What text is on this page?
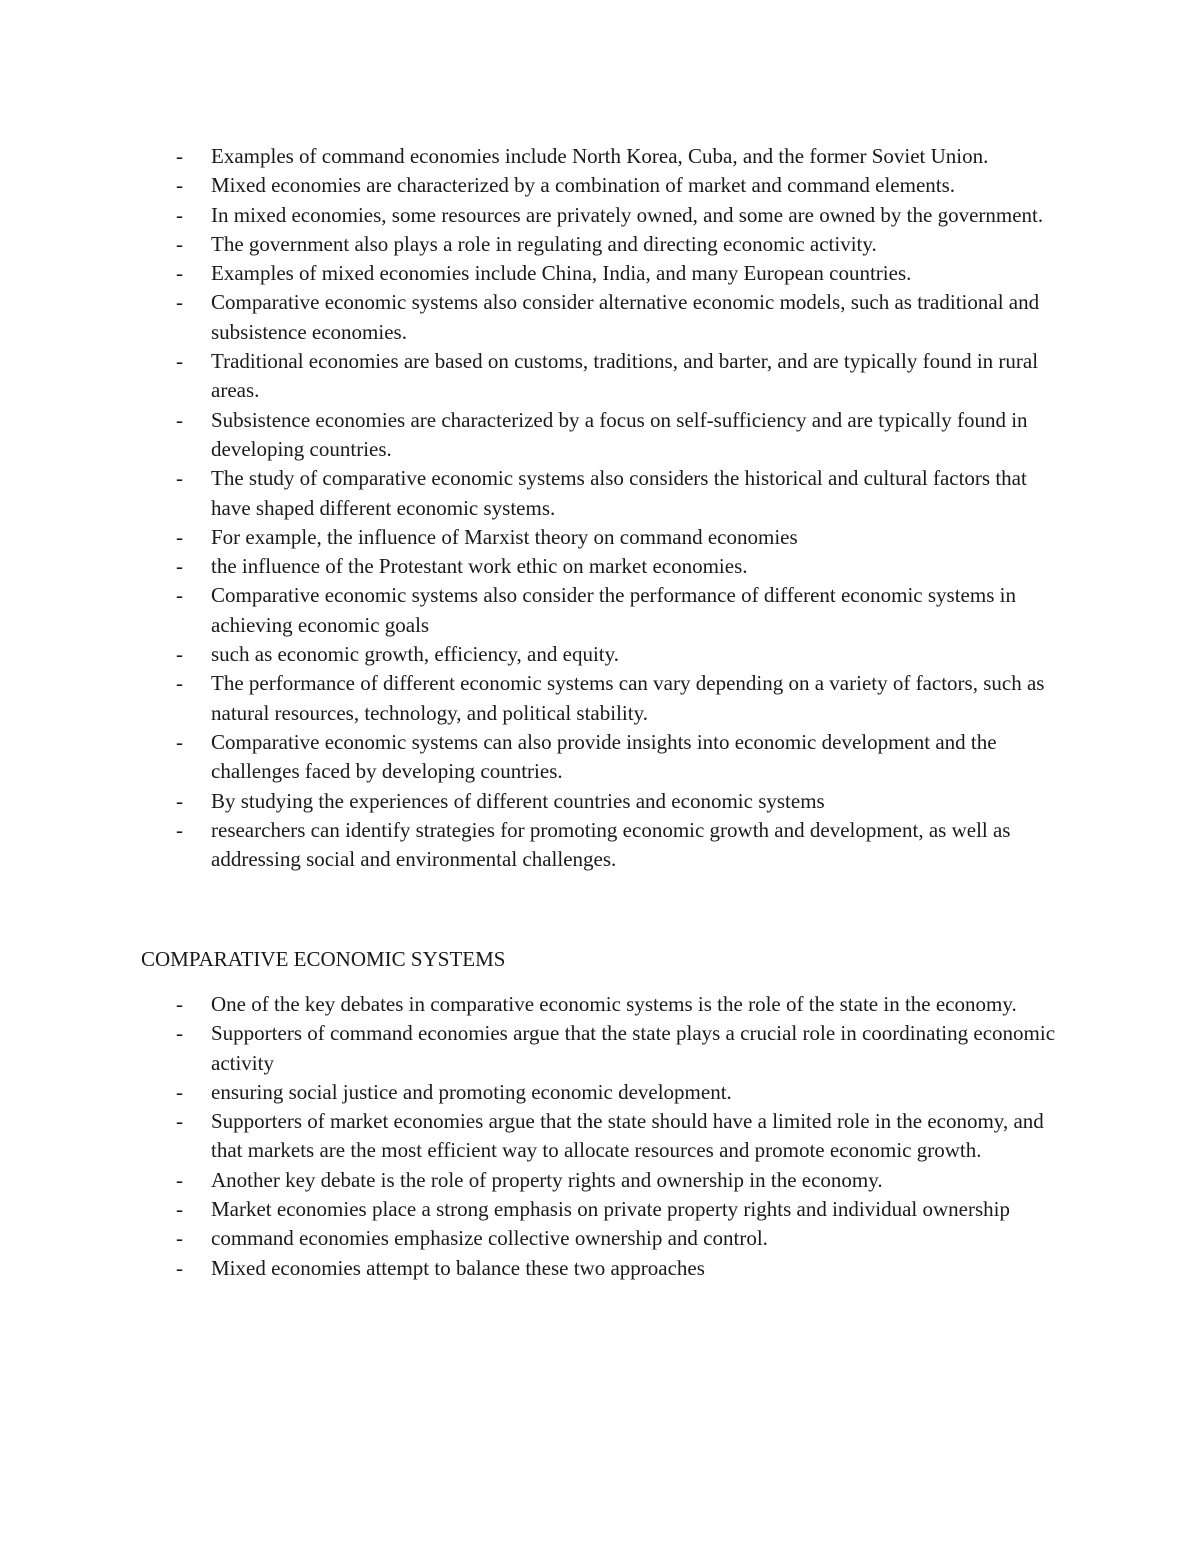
- Examples of command economies include North Korea, Cuba, and the former Soviet Union.
- Mixed economies are characterized by a combination of market and command elements.
- In mixed economies, some resources are privately owned, and some are owned by the government.
- The government also plays a role in regulating and directing economic activity.
- Examples of mixed economies include China, India, and many European countries.
- Comparative economic systems also consider alternative economic models, such as traditional and subsistence economies.
- Traditional economies are based on customs, traditions, and barter, and are typically found in rural areas.
- Subsistence economies are characterized by a focus on self-sufficiency and are typically found in developing countries.
- The study of comparative economic systems also considers the historical and cultural factors that have shaped different economic systems.
- For example, the influence of Marxist theory on command economies
- the influence of the Protestant work ethic on market economies.
- Comparative economic systems also consider the performance of different economic systems in achieving economic goals
- such as economic growth, efficiency, and equity.
- The performance of different economic systems can vary depending on a variety of factors, such as natural resources, technology, and political stability.
- Comparative economic systems can also provide insights into economic development and the challenges faced by developing countries.
- By studying the experiences of different countries and economic systems
- researchers can identify strategies for promoting economic growth and development, as well as addressing social and environmental challenges.
COMPARATIVE ECONOMIC SYSTEMS
- One of the key debates in comparative economic systems is the role of the state in the economy.
- Supporters of command economies argue that the state plays a crucial role in coordinating economic activity
- ensuring social justice and promoting economic development.
- Supporters of market economies argue that the state should have a limited role in the economy, and that markets are the most efficient way to allocate resources and promote economic growth.
- Another key debate is the role of property rights and ownership in the economy.
- Market economies place a strong emphasis on private property rights and individual ownership
- command economies emphasize collective ownership and control.
- Mixed economies attempt to balance these two approaches
